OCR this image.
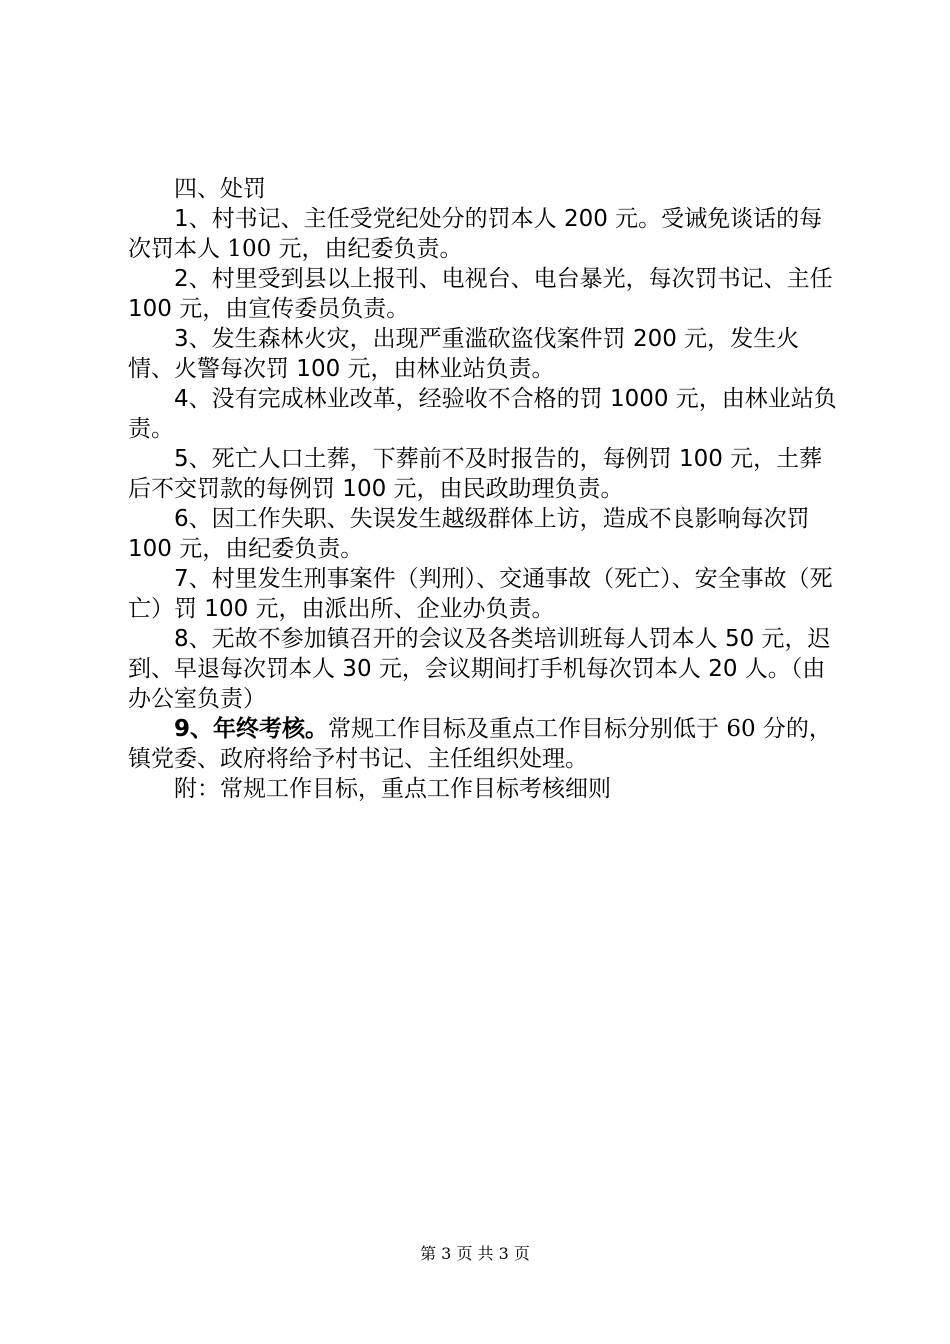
四、处罚

1、村书记、主任受党纪处分的罚本人 200 元。受诫免谈话的每次罚本人 100 元，由纪委负责。

2、村里受到县以上报刊、电视台、电台暴光，每次罚书记、主任 100 元，由宣传委员负责。

3、发生森林火灾，出现严重滥砍盗伐案件罚 200 元，发生火情、火警每次罚 100 元，由林业站负责。

4、没有完成林业改革，经验收不合格的罚 1000 元，由林业站负责。

5、死亡人口土葬，下葬前不及时报告的，每例罚 100 元，土葬后不交罚款的每例罚 100 元，由民政助理负责。

6、因工作失职、失误发生越级群体上访，造成不良影响每次罚 100 元，由纪委负责。

7、村里发生刑事案件（判刑）、交通事故（死亡）、安全事故（死亡）罚 100 元，由派出所、企业办负责。

8、无故不参加镇召开的会议及各类培训班每人罚本人 50 元，迟到、早退每次罚本人 30 元，会议期间打手机每次罚本人 20 人。（由办公室负责）

9、年终考核。常规工作目标及重点工作目标分别低于 60 分的，镇党委、政府将给予村书记、主任组织处理。

附：常规工作目标，重点工作目标考核细则

第 3 页 共 3 页
